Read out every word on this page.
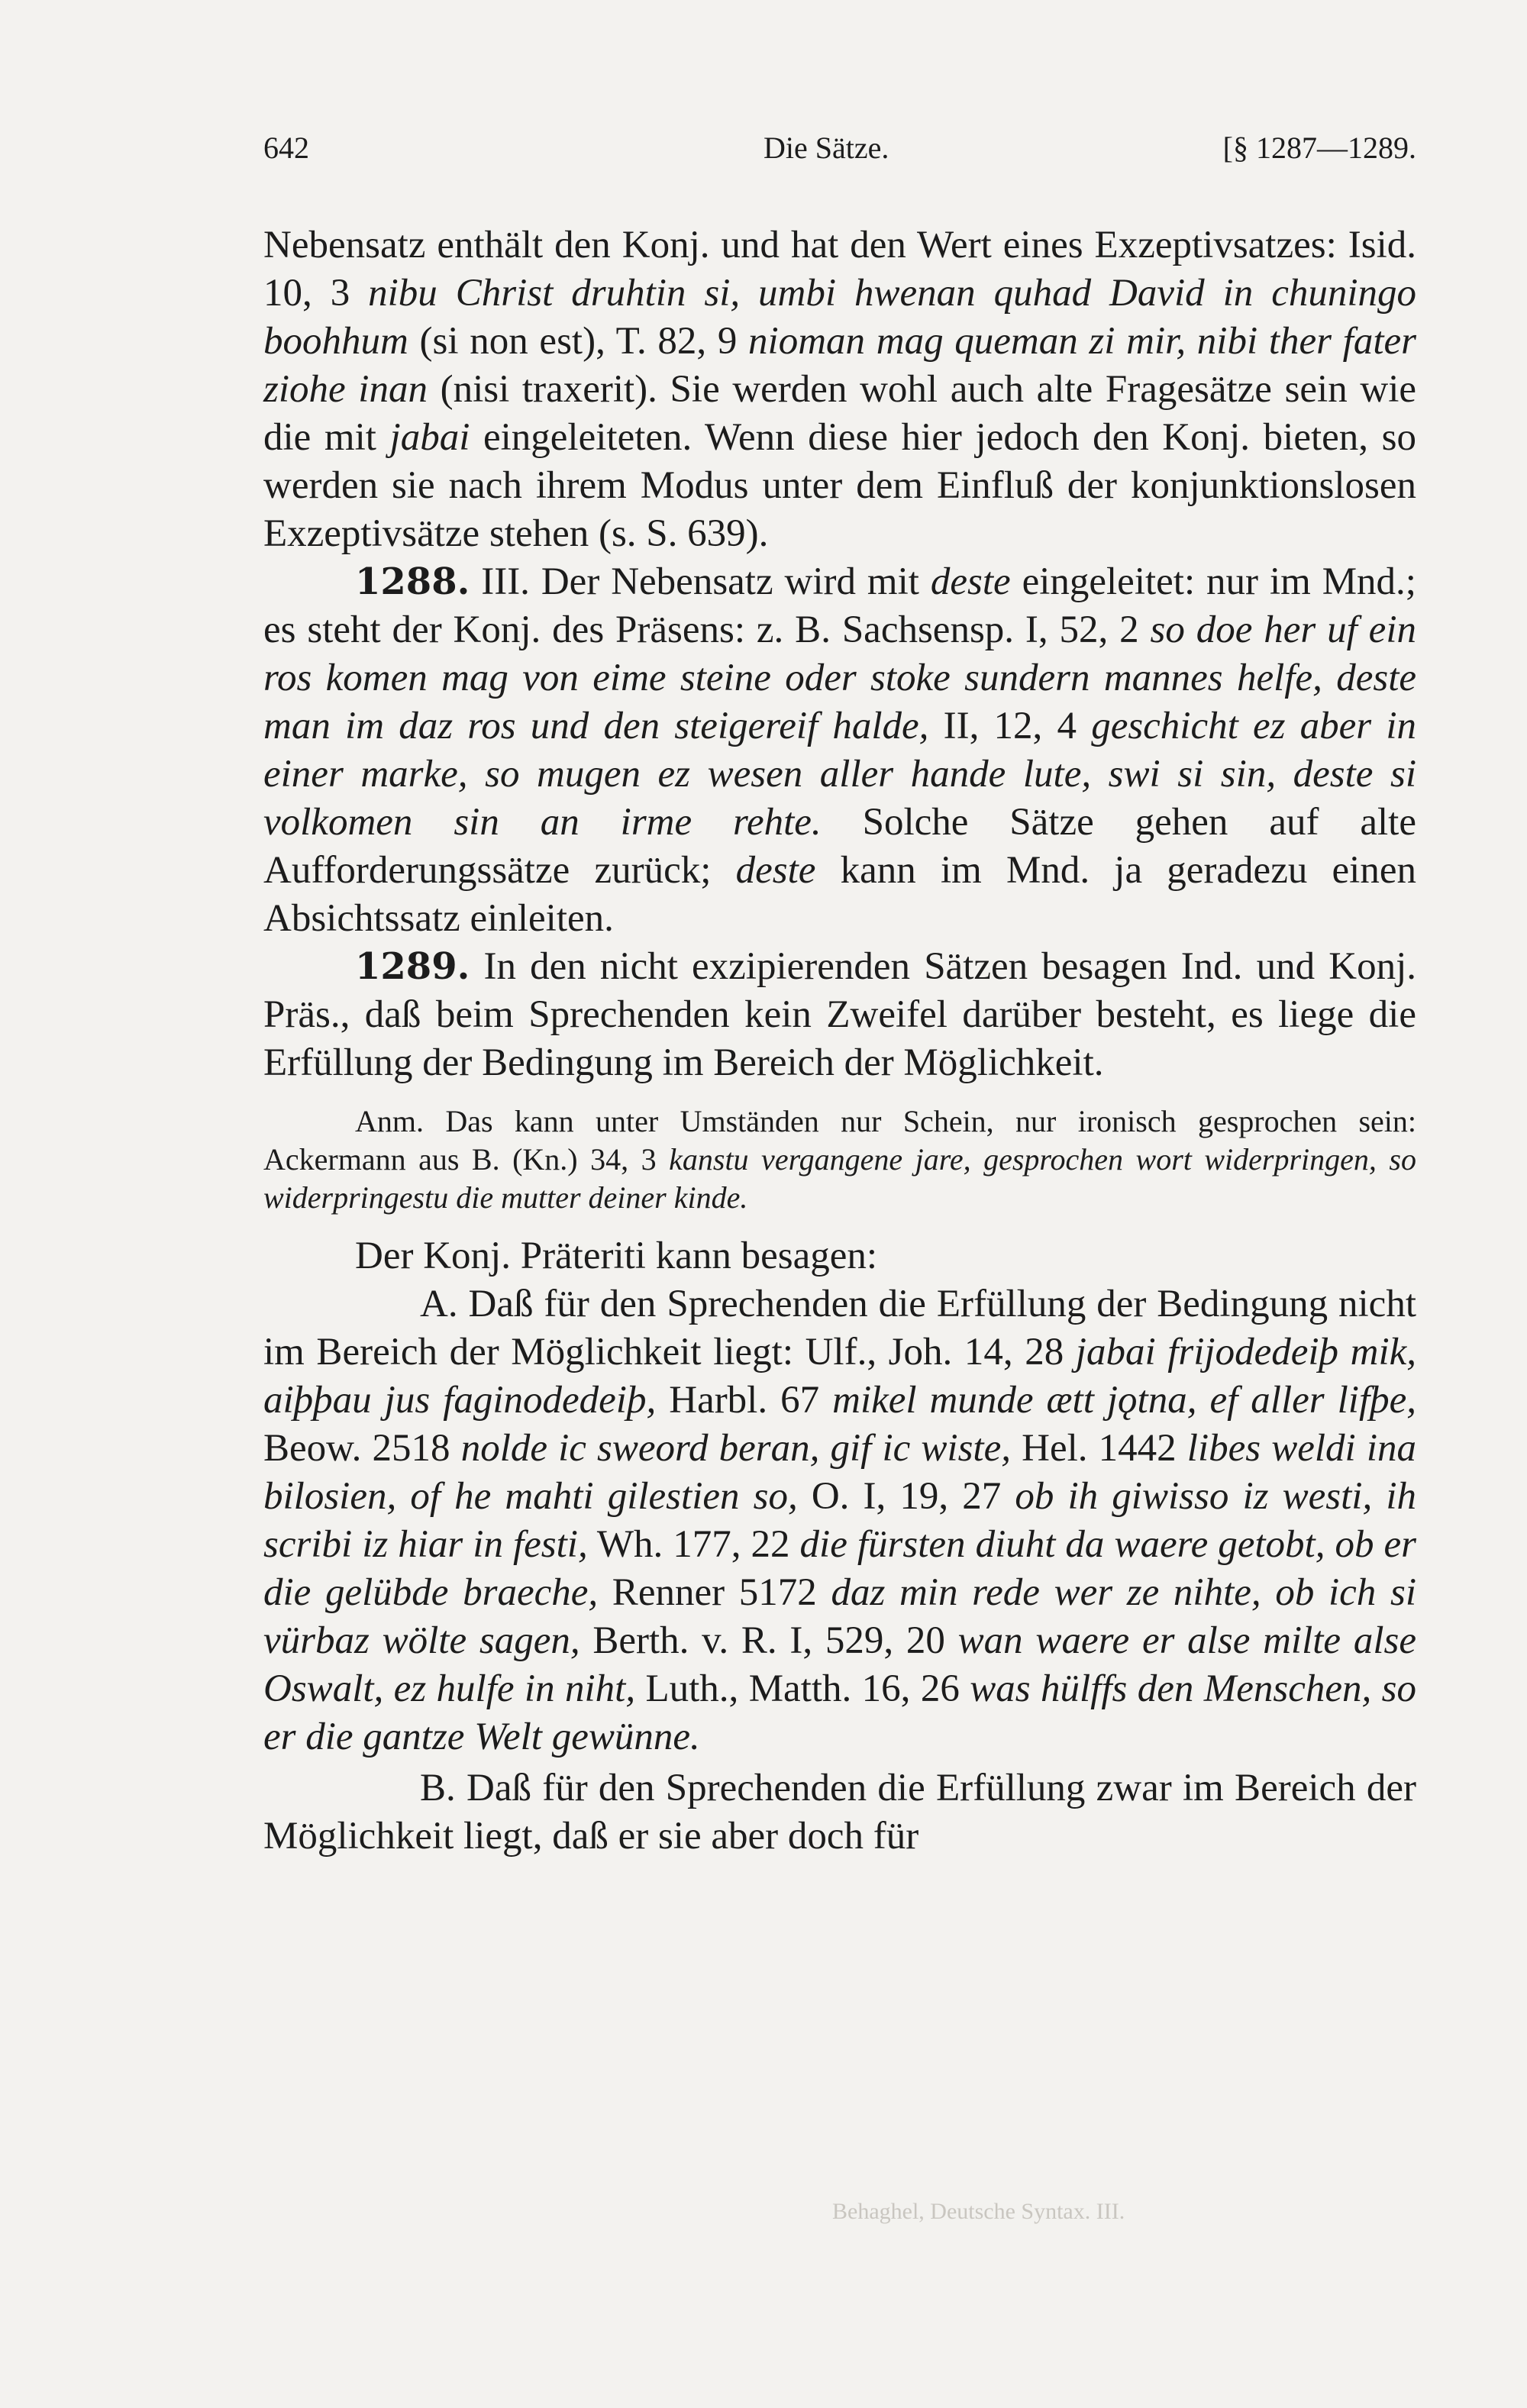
642	Die Sätze.	[§ 1287—1289.

Nebensatz enthält den Konj. und hat den Wert eines Exzeptivsatzes: Isid. 10, 3 nibu Christ druhtin si, umbi hwenan quhad David in chuningo boohhum (si non est), T. 82, 9 nioman mag queman zi mir, nibi ther fater ziohe inan (nisi traxerit). Sie werden wohl auch alte Fragesätze sein wie die mit jabai eingeleiteten. Wenn diese hier jedoch den Konj. bieten, so werden sie nach ihrem Modus unter dem Einfluß der konjunktionslosen Exzeptivsätze stehen (s. S. 639).

1288. III. Der Nebensatz wird mit deste eingeleitet: nur im Mnd.; es steht der Konj. des Präsens: z. B. Sachsensp. I, 52, 2 so doe her uf ein ros komen mag von eime steine oder stoke sundern mannes helfe, deste man im daz ros und den steigereif halde, II, 12, 4 geschicht ez aber in einer marke, so mugen ez wesen aller hande lute, swi si sin, deste si volkomen sin an irme rehte. Solche Sätze gehen auf alte Aufforderungssätze zurück; deste kann im Mnd. ja geradezu einen Absichtssatz einleiten.

1289. In den nicht exzipierenden Sätzen besagen Ind. und Konj. Präs., daß beim Sprechenden kein Zweifel darüber besteht, es liege die Erfüllung der Bedingung im Bereich der Möglichkeit.

Anm. Das kann unter Umständen nur Schein, nur ironisch gesprochen sein: Ackermann aus B. (Kn.) 34, 3 kanstu vergangene jare, gesprochen wort widerpringen, so widerpringestu die mutter deiner kinde.

Der Konj. Präteriti kann besagen:

A. Daß für den Sprechenden die Erfüllung der Bedingung nicht im Bereich der Möglichkeit liegt: Ulf., Joh. 14, 28 jabai frijodedeiþ mik, aiþþau jus faginodedeiþ, Harbl. 67 mikel munde ætt jǫtna, ef aller lifþe, Beow. 2518 nolde ic sweord beran, gif ic wiste, Hel. 1442 libes weldi ina bilosien, of he mahti gilestien so, O. I, 19, 27 ob ih giwisso iz westi, ih scribi iz hiar in festi, Wh. 177, 22 die fürsten diuht da waere getobt, ob er die gelübde braeche, Renner 5172 daz min rede wer ze nihte, ob ich si vürbaz wölte sagen, Berth. v. R. I, 529, 20 wan waere er alse milte alse Oswalt, ez hulfe in niht, Luth., Matth. 16, 26 was hülffs den Menschen, so er die gantze Welt gewünne.

B. Daß für den Sprechenden die Erfüllung zwar im Bereich der Möglichkeit liegt, daß er sie aber doch für

Behaghel, Deutsche Syntax. III.
